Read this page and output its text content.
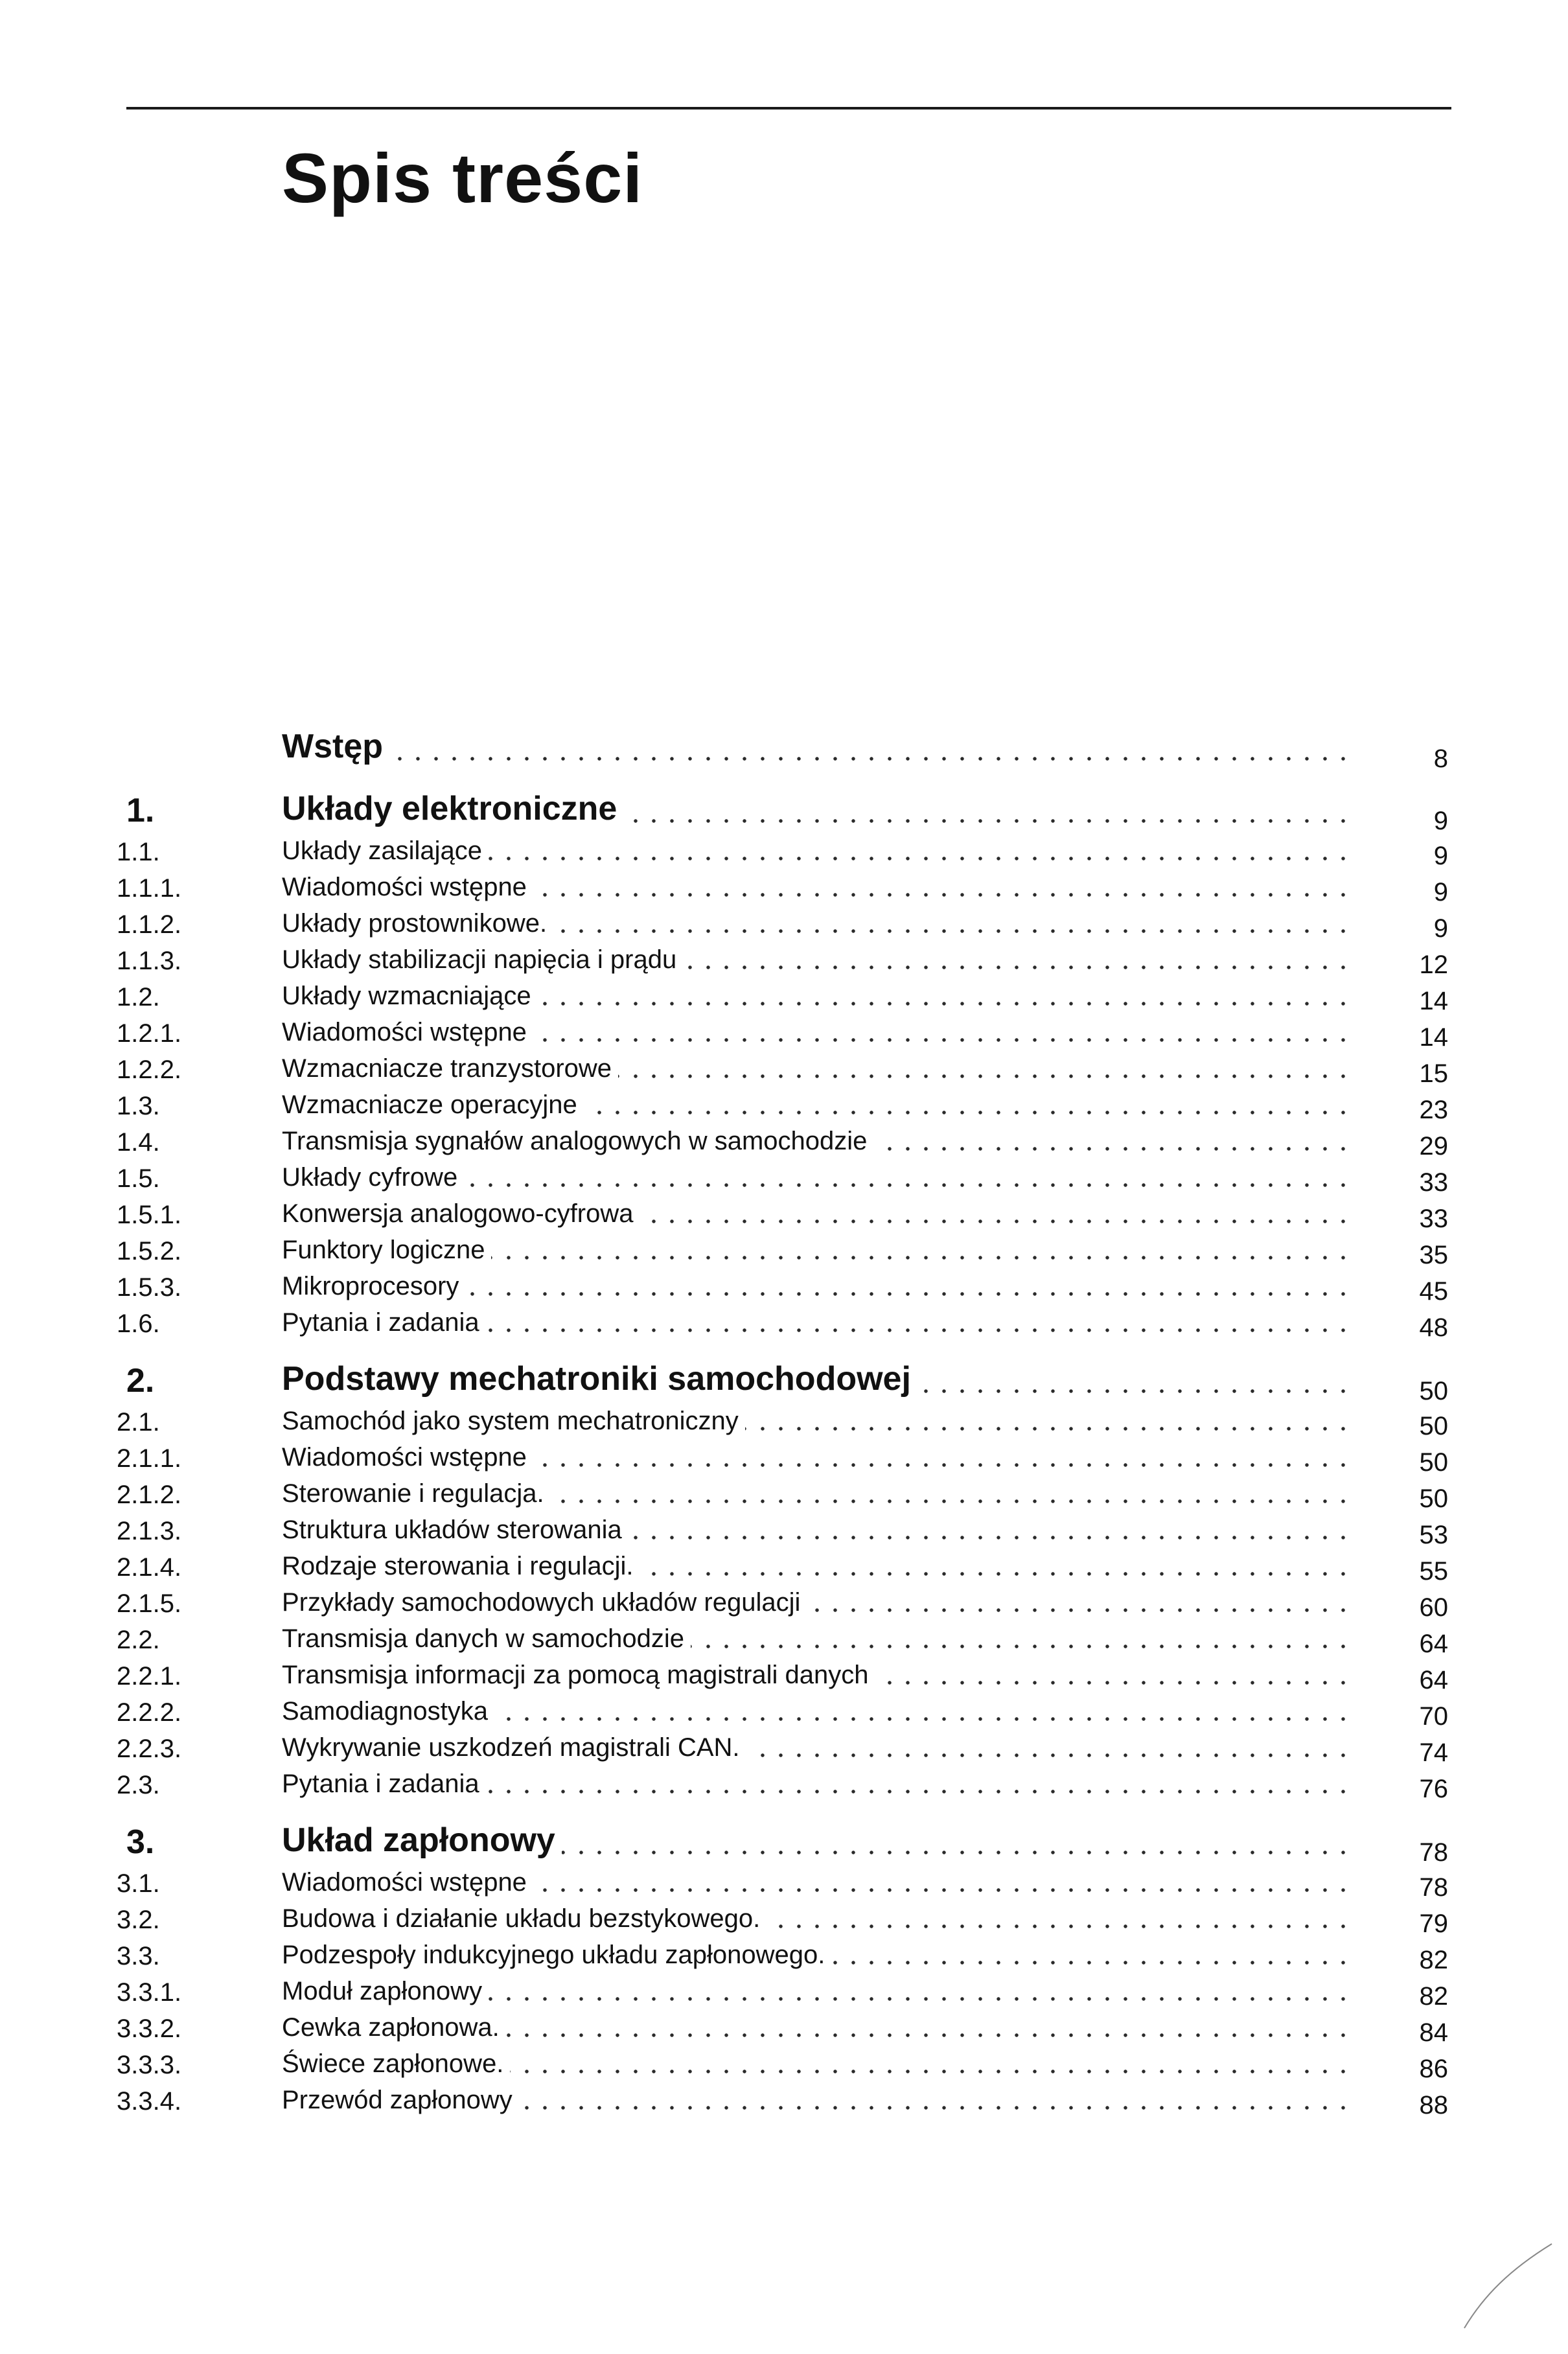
Spis treści
Wstęp	8
1.	Układy elektroniczne	9
1.1.	Układy zasilające	9
1.1.1.	Wiadomości wstępne	9
1.1.2.	Układy prostownikowe.	9
1.1.3.	Układy stabilizacji napięcia i prądu	12
1.2.	Układy wzmacniające	14
1.2.1.	Wiadomości wstępne	14
1.2.2.	Wzmacniacze tranzystorowe	15
1.3.	Wzmacniacze operacyjne	23
1.4.	Transmisja sygnałów analogowych w samochodzie	29
1.5.	Układy cyfrowe	33
1.5.1.	Konwersja analogowo-cyfrowa	33
1.5.2.	Funktory logiczne	35
1.5.3.	Mikroprocesory	45
1.6.	Pytania i zadania	48
2.	Podstawy mechatroniki samochodowej	50
2.1.	Samochód jako system mechatroniczny	50
2.1.1.	Wiadomości wstępne	50
2.1.2.	Sterowanie i regulacja.	50
2.1.3.	Struktura układów sterowania	53
2.1.4.	Rodzaje sterowania i regulacji.	55
2.1.5.	Przykłady samochodowych układów regulacji	60
2.2.	Transmisja danych w samochodzie	64
2.2.1.	Transmisja informacji za pomocą magistrali danych	64
2.2.2.	Samodiagnostyka	70
2.2.3.	Wykrywanie uszkodzeń magistrali CAN.	74
2.3.	Pytania i zadania	76
3.	Układ zapłonowy	78
3.1.	Wiadomości wstępne	78
3.2.	Budowa i działanie układu bezstykowego.	79
3.3.	Podzespoły indukcyjnego układu zapłonowego.	82
3.3.1.	Moduł zapłonowy	82
3.3.2.	Cewka zapłonowa.	84
3.3.3.	Świece zapłonowe.	86
3.3.4.	Przewód zapłonowy	88
